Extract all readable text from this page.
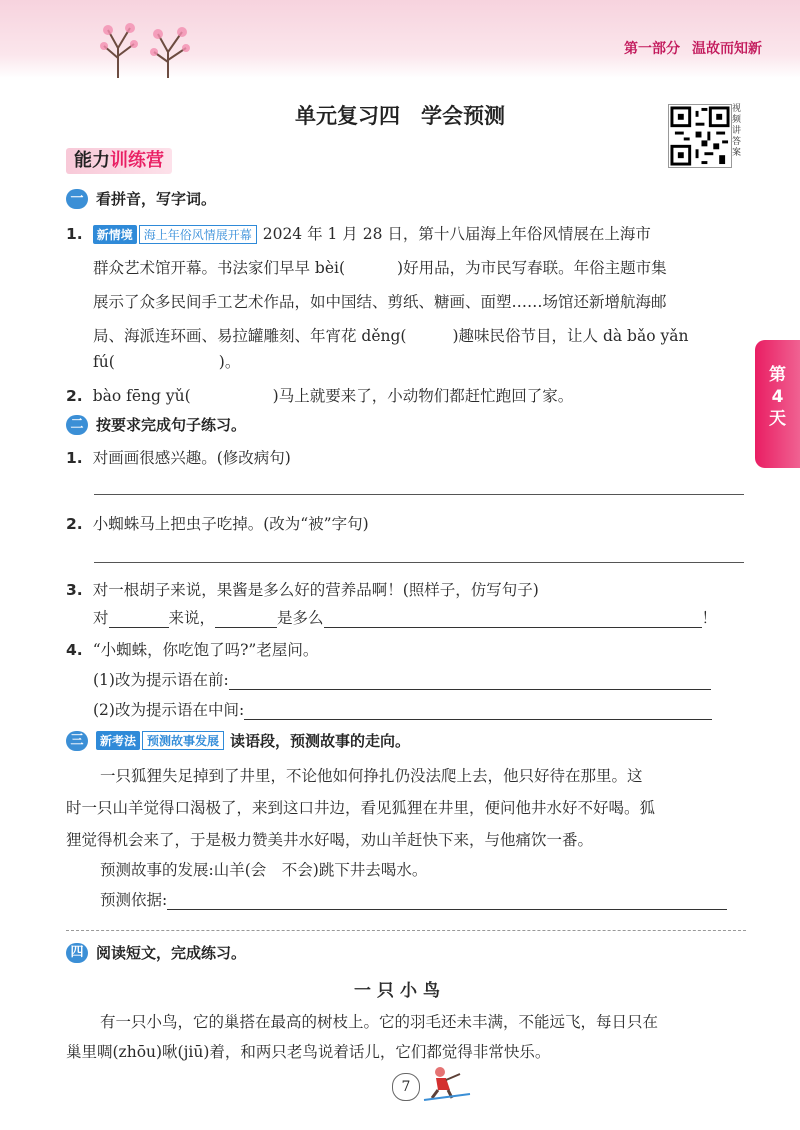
第一部分 温故而知新
单元复习四　学会预测	视频讲答案
能力训练营
第
4
天
一 看拼音，写字词。
1. 新情境 海上年俗风情展开幕 2024 年 1 月 28 日，第十八届海上年俗风情展在上海市
群众艺术馆开幕。书法家们早早 bèi(	)好用品，为市民写春联。年俗主题市集
展示了众多民间手工艺术作品，如中国结、剪纸、糖画、面塑……场馆还新增航海邮
局、海派连环画、易拉罐雕刻、年宵花 děng(	)趣味民俗节目，让人 dà bǎo yǎn
fú(	)。
2. bào fēng yǔ(	)马上就要来了，小动物们都赶忙跑回了家。
二 按要求完成句子练习。
1. 对画画很感兴趣。(修改病句)
2. 小蜘蛛马上把虫子吃掉。(改为“被”字句)
3. 对一根胡子来说，果酱是多么好的营养品啊！(照样子，仿写句子)
对	来说，	是多么	！
4. “小蜘蛛，你吃饱了吗?”老屋问。
(1)改为提示语在前:
(2)改为提示语在中间:
三	新考法 预测故事发展 读语段，预测故事的走向。
一只狐狸失足掉到了井里，不论他如何挣扎仍没法爬上去，他只好待在那里。这
时一只山羊觉得口渴极了，来到这口井边，看见狐狸在井里，便问他井水好不好喝。狐
狸觉得机会来了，于是极力赞美井水好喝，劝山羊赶快下来，与他痛饮一番。
预测故事的发展:山羊(会　不会)跳下井去喝水。
预测依据:
四 阅读短文，完成练习。
一只小鸟
有一只小鸟，它的巢搭在最高的树枝上。它的羽毛还未丰满，不能远飞，每日只在
巢里啁(zhōu)啾(jiū)着，和两只老鸟说着话儿，它们都觉得非常快乐。
7
